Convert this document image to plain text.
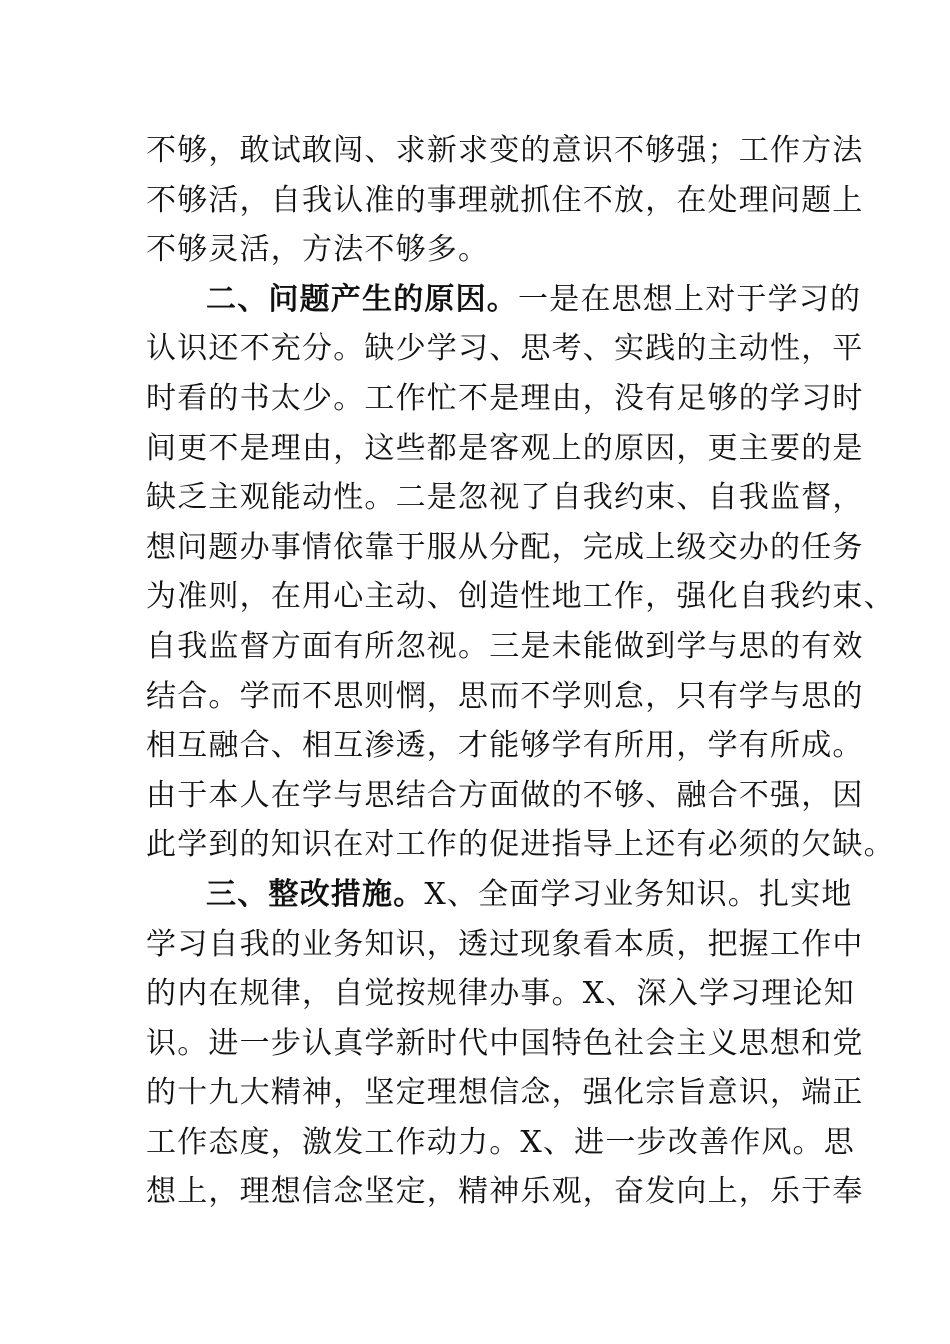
不够，敢试敢闯、求新求变的意识不够强；工作方法
不够活，自我认准的事理就抓住不放，在处理问题上
不够灵活，方法不够多。
二、问题产生的原因。一是在思想上对于学习的
认识还不充分。缺少学习、思考、实践的主动性，平
时看的书太少。工作忙不是理由，没有足够的学习时
间更不是理由，这些都是客观上的原因，更主要的是
缺乏主观能动性。二是忽视了自我约束、自我监督，
想问题办事情依靠于服从分配，完成上级交办的任务
为准则，在用心主动、创造性地工作，强化自我约束、
自我监督方面有所忽视。三是未能做到学与思的有效
结合。学而不思则惘，思而不学则怠，只有学与思的
相互融合、相互渗透，才能够学有所用，学有所成。
由于本人在学与思结合方面做的不够、融合不强，因
此学到的知识在对工作的促进指导上还有必须的欠缺。
三、整改措施。X、全面学习业务知识。扎实地
学习自我的业务知识，透过现象看本质，把握工作中
的内在规律，自觉按规律办事。X、深入学习理论知
识。进一步认真学新时代中国特色社会主义思想和党
的十九大精神，坚定理想信念，强化宗旨意识，端正
工作态度，激发工作动力。X、进一步改善作风。思
想上，理想信念坚定，精神乐观，奋发向上，乐于奉
